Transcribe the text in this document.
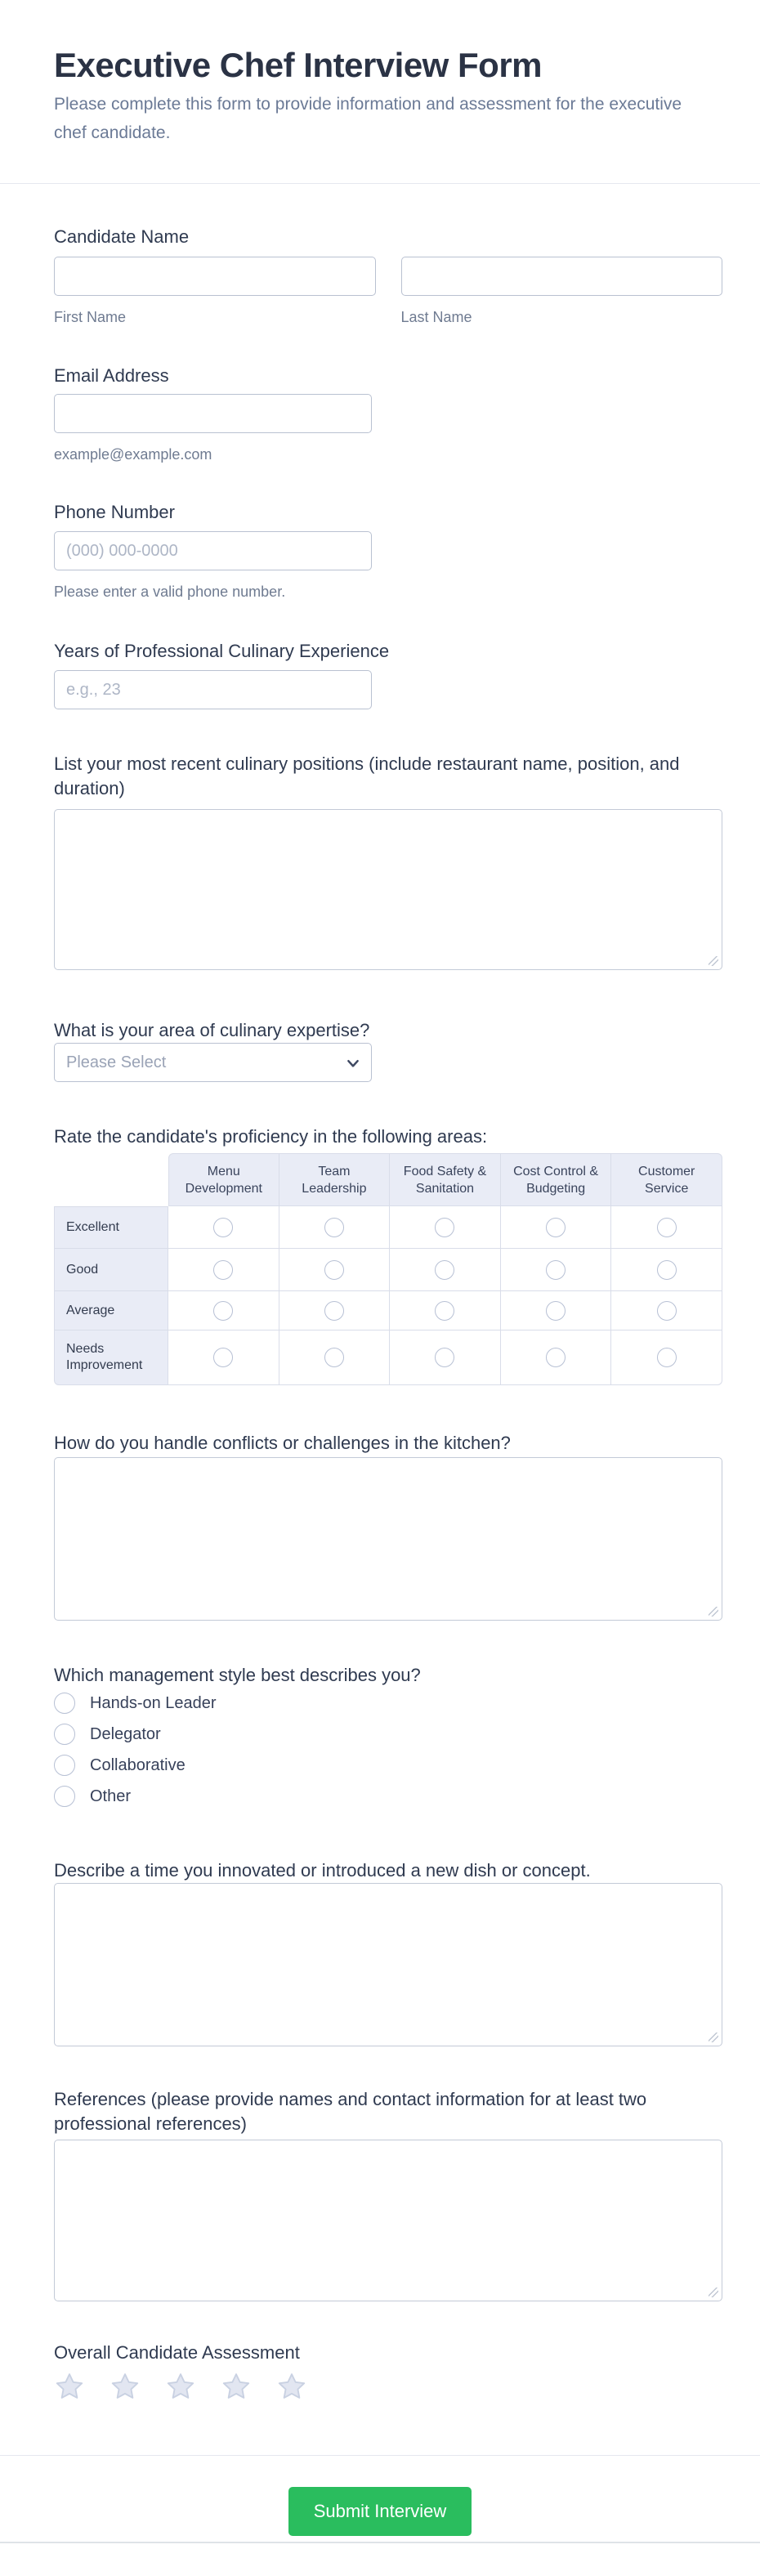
Executive Chef Interview Form
Please complete this form to provide information and assessment for the executive chef candidate.
Candidate Name
First Name	Last Name
Email Address
example@example.com
Phone Number
(000) 000-0000
Please enter a valid phone number.
Years of Professional Culinary Experience
e.g., 23
List your most recent culinary positions (include restaurant name, position, and duration)
What is your area of culinary expertise?
Please Select
Rate the candidate's proficiency in the following areas:
Menu Development
Team Leadership
Food Safety & Sanitation
Cost Control & Budgeting
Customer Service
Excellent
Good
Average
Needs Improvement
How do you handle conflicts or challenges in the kitchen?
Which management style best describes you?
Hands-on Leader
Delegator
Collaborative
Other
Describe a time you innovated or introduced a new dish or concept.
References (please provide names and contact information for at least two professional references)
Overall Candidate Assessment
Submit Interview
